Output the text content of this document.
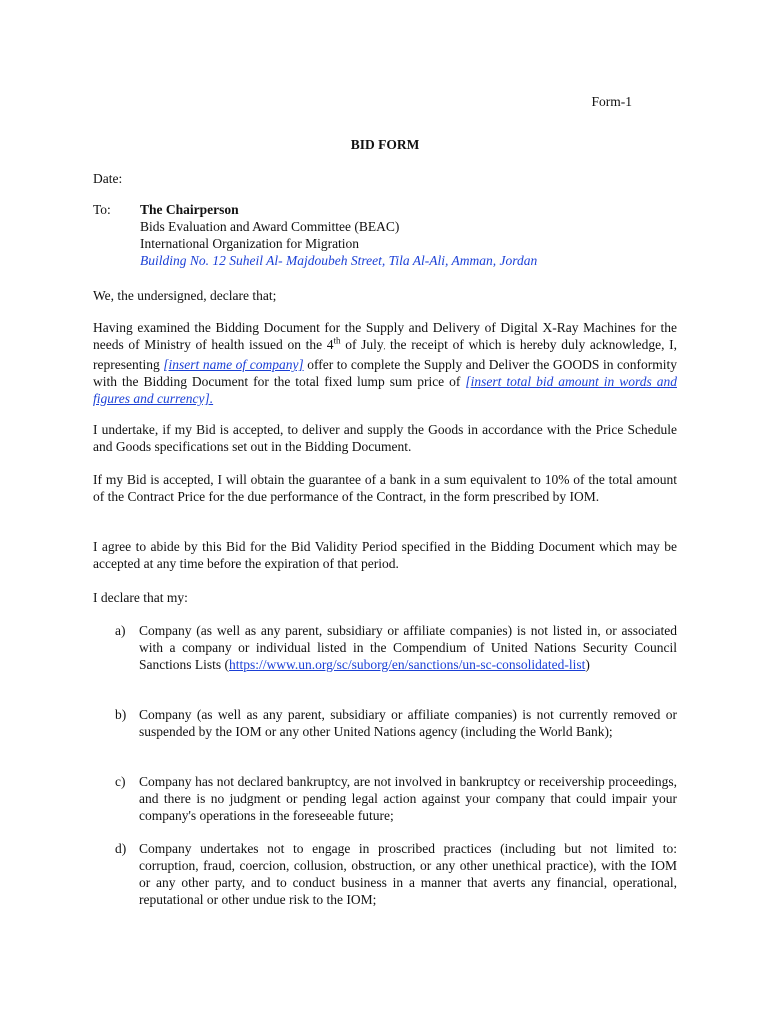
Form-1
BID FORM
Date:
To: The Chairperson
Bids Evaluation and Award Committee (BEAC)
International Organization for Migration
Building No. 12 Suheil Al- Majdoubeh Street, Tila Al-Ali, Amman, Jordan
We, the undersigned, declare that;
Having examined the Bidding Document for the Supply and Delivery of Digital X-Ray Machines for the needs of Ministry of health issued on the 4th of July, the receipt of which is hereby duly acknowledge, I, representing [insert name of company] offer to complete the Supply and Deliver the GOODS in conformity with the Bidding Document for the total fixed lump sum price of [insert total bid amount in words and figures and currency].
I undertake, if my Bid is accepted, to deliver and supply the Goods in accordance with the Price Schedule and Goods specifications set out in the Bidding Document.
If my Bid is accepted, I will obtain the guarantee of a bank in a sum equivalent to 10% of the total amount of the Contract Price for the due performance of the Contract, in the form prescribed by IOM.
I agree to abide by this Bid for the Bid Validity Period specified in the Bidding Document which may be accepted at any time before the expiration of that period.
I declare that my:
a) Company (as well as any parent, subsidiary or affiliate companies) is not listed in, or associated with a company or individual listed in the Compendium of United Nations Security Council Sanctions Lists (https://www.un.org/sc/suborg/en/sanctions/un-sc-consolidated-list)
b) Company (as well as any parent, subsidiary or affiliate companies) is not currently removed or suspended by the IOM or any other United Nations agency (including the World Bank);
c) Company has not declared bankruptcy, are not involved in bankruptcy or receivership proceedings, and there is no judgment or pending legal action against your company that could impair your company's operations in the foreseeable future;
d) Company undertakes not to engage in proscribed practices (including but not limited to: corruption, fraud, coercion, collusion, obstruction, or any other unethical practice), with the IOM or any other party, and to conduct business in a manner that averts any financial, operational, reputational or other undue risk to the IOM;
